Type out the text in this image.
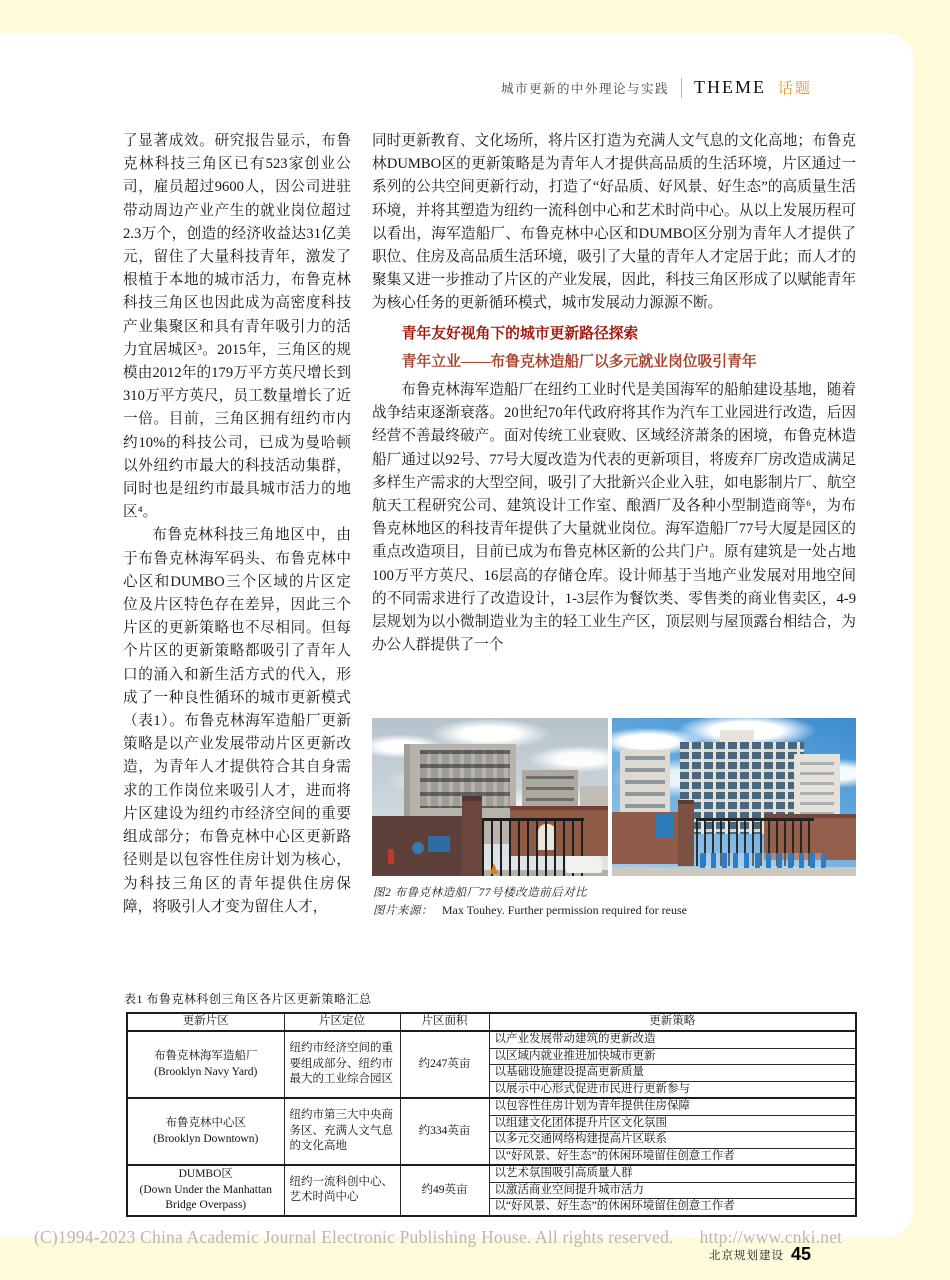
城市更新的中外理论与实践 THEME 话题

了显著成效。研究报告显示，布鲁克林科技三角区已有523家创业公司，雇员超过9600人，因公司进驻带动周边产业产生的就业岗位超过2.3万个，创造的经济收益达31亿美元，留住了大量科技青年，激发了根植于本地的城市活力，布鲁克林科技三角区也因此成为高密度科技产业集聚区和具有青年吸引力的活力宜居城区³。2015年，三角区的规模由2012年的179万平方英尺增长到310万平方英尺，员工数量增长了近一倍。目前，三角区拥有纽约市内约10%的科技公司，已成为曼哈顿以外纽约市最大的科技活动集群，同时也是纽约市最具城市活力的地区⁴。

布鲁克林科技三角地区中，由于布鲁克林海军码头、布鲁克林中心区和DUMBO三个区域的片区定位及片区特色存在差异，因此三个片区的更新策略也不尽相同。但每个片区的更新策略都吸引了青年人口的涌入和新生活方式的代入，形成了一种良性循环的城市更新模式（表1）。布鲁克林海军造船厂更新策略是以产业发展带动片区更新改造，为青年人才提供符合其自身需求的工作岗位来吸引人才，进而将片区建设为纽约市经济空间的重要组成部分；布鲁克林中心区更新路径则是以包容性住房计划为核心，为科技三角区的青年提供住房保障，将吸引人才变为留住人才，

同时更新教育、文化场所，将片区打造为充满人文气息的文化高地；布鲁克林DUMBO区的更新策略是为青年人才提供高品质的生活环境，片区通过一系列的公共空间更新行动，打造了“好品质、好风景、好生态”的高质量生活环境，并将其塑造为纽约一流科创中心和艺术时尚中心。从以上发展历程可以看出，海军造船厂、布鲁克林中心区和DUMBO区分别为青年人才提供了职位、住房及高品质生活环境，吸引了大量的青年人才定居于此；而人才的聚集又进一步推动了片区的产业发展，因此，科技三角区形成了以赋能青年为核心任务的更新循环模式，城市发展动力源源不断。

青年友好视角下的城市更新路径探索

青年立业——布鲁克林造船厂以多元就业岗位吸引青年

布鲁克林海军造船厂在纽约工业时代是美国海军的船舶建设基地，随着战争结束逐渐衰落。20世纪70年代政府将其作为汽车工业园进行改造，后因经营不善最终破产。面对传统工业衰败、区域经济萧条的困境，布鲁克林造船厂通过以92号、77号大厦改造为代表的更新项目，将废弃厂房改造成满足多样生产需求的大型空间，吸引了大批新兴企业入驻，如电影制片厂、航空航天工程研究公司、建筑设计工作室、酿酒厂及各种小型制造商等⁶，为布鲁克林地区的科技青年提供了大量就业岗位。海军造船厂77号大厦是园区的重点改造项目，目前已成为布鲁克林区新的公共门户。原有建筑是一处占地100万平方英尺、16层高的存储仓库。设计师基于当地产业发展对用地空间的不同需求进行了改造设计，1-3层作为餐饮类、零售类的商业售卖区，4-9层规划为以小微制造业为主的轻工业生产区，顶层则与屋顶露台相结合，为办公人群提供了一个

图2 布鲁克林造船厂77号楼改造前后对比
图片来源： Max Touhey. Further permission required for reuse
表1 布鲁克林科创三角区各片区更新策略汇总
更新片区	片区定位	片区面积	更新策略
布鲁克林海军造船厂
(Brooklyn Navy Yard)	纽约市经济空间的重要组成部分、纽约市最大的工业综合园区	约247英亩	以产业发展带动建筑的更新改造
			以区域内就业推进加快城市更新
			以基础设施建设提高更新质量
			以展示中心形式促进市民进行更新参与
布鲁克林中心区
(Brooklyn Downtown)	纽约市第三大中央商务区、充满人文气息的文化高地	约334英亩	以包容性住房计划为青年提供住房保障
			以组建文化团体提升片区文化氛围
			以多元交通网络构建提高片区联系
			以“好风景、好生态”的休闲环境留住创意工作者
DUMBO区
(Down Under the Manhattan Bridge Overpass)	纽约一流科创中心、艺术时尚中心	约49英亩	以艺术氛围吸引高质量人群
			以激活商业空间提升城市活力
			以“好风景、好生态”的休闲环境留住创意工作者
北京规划建设 45
(C)1994-2023 China Academic Journal Electronic Publishing House. All rights reserved. http://www.cnki.net
